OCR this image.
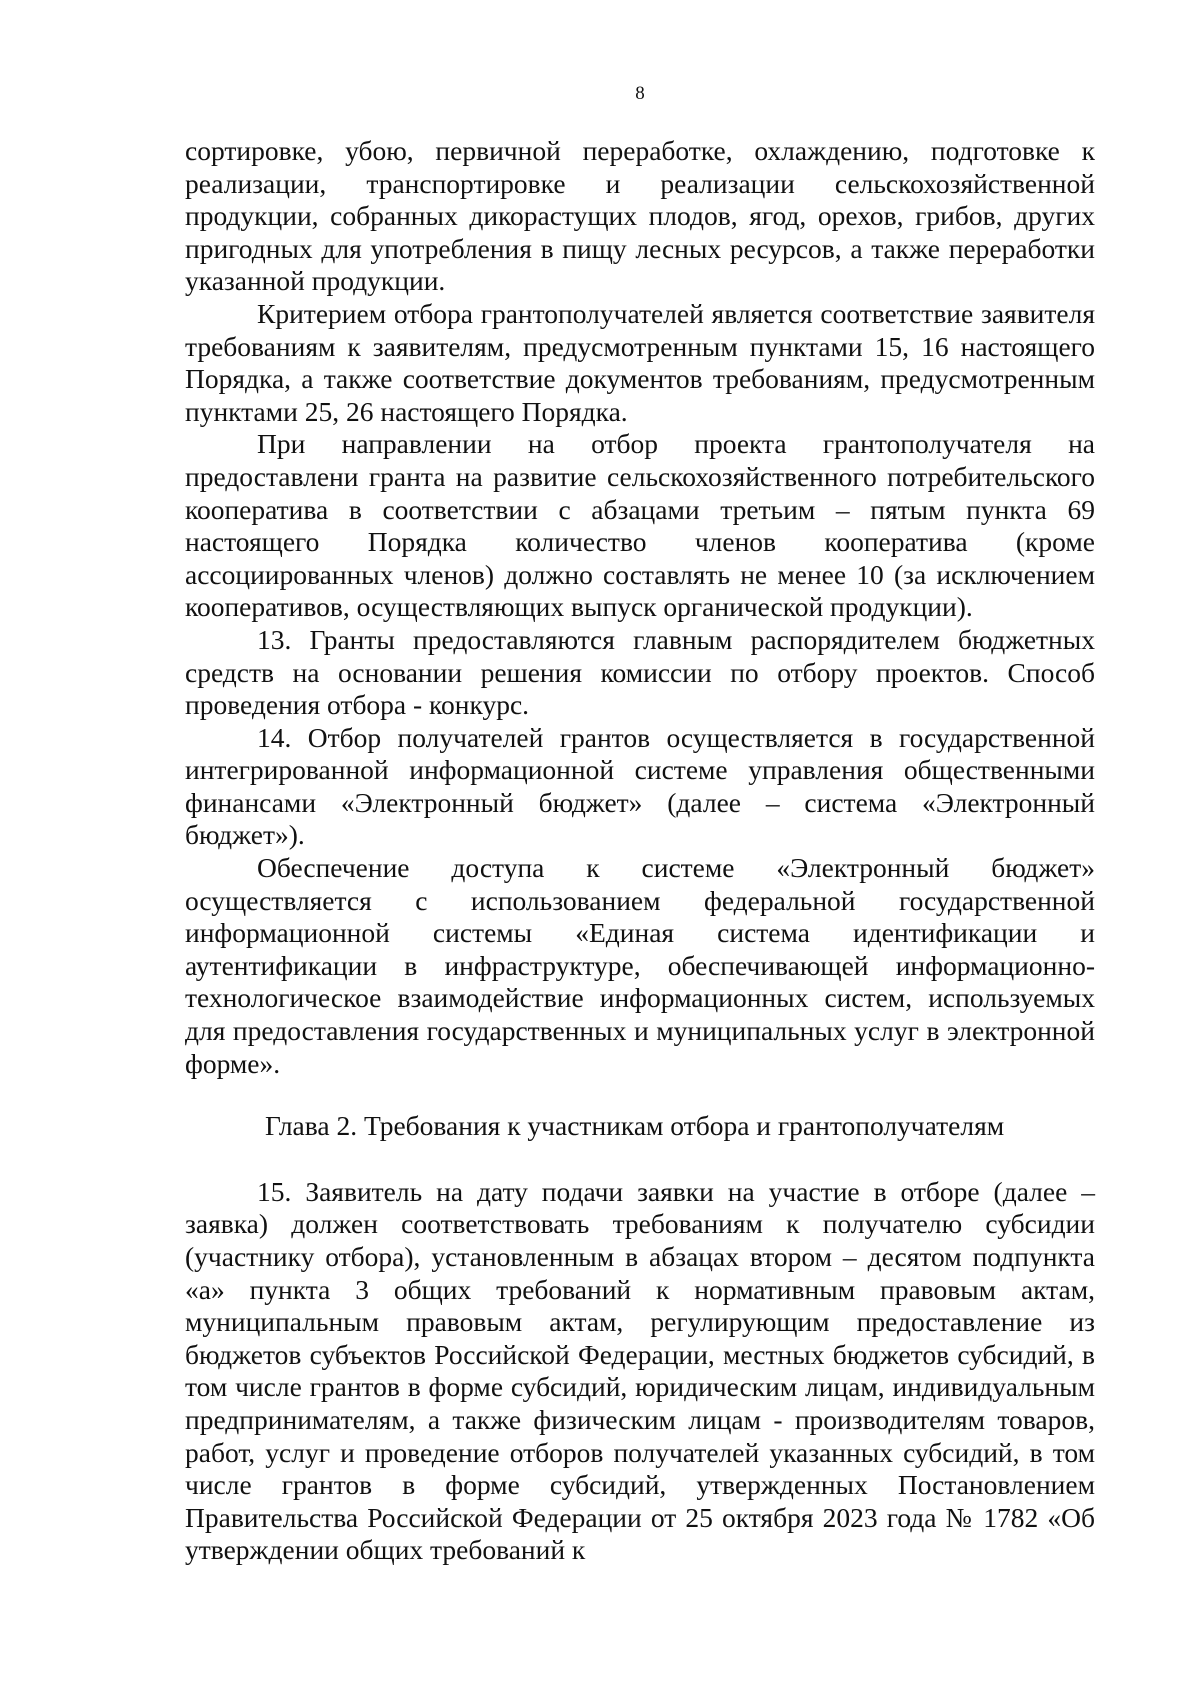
8

сортировке, убою, первичной переработке, охлаждению, подготовке к реализации, транспортировке и реализации сельскохозяйственной продукции, собранных дикорастущих плодов, ягод, орехов, грибов, других пригодных для употребления в пищу лесных ресурсов, а также переработки указанной продукции.

Критерием отбора грантополучателей является соответствие заявителя требованиям к заявителям, предусмотренным пунктами 15, 16 настоящего Порядка, а также соответствие документов требованиям, предусмотренным пунктами 25, 26 настоящего Порядка.

При направлении на отбор проекта грантополучателя на предоставлени гранта на развитие сельскохозяйственного потребительского кооператива в соответствии с абзацами третьим – пятым пункта 69 настоящего Порядка количество членов кооператива (кроме ассоциированных членов) должно составлять не менее 10 (за исключением кооперативов, осуществляющих выпуск органической продукции).

13. Гранты предоставляются главным распорядителем бюджетных средств на основании решения комиссии по отбору проектов. Способ проведения отбора - конкурс.

14. Отбор получателей грантов осуществляется в государственной интегрированной информационной системе управления общественными финансами «Электронный бюджет» (далее – система «Электронный бюджет»).

Обеспечение доступа к системе «Электронный бюджет» осуществляется с использованием федеральной государственной информационной системы «Единая система идентификации и аутентификации в инфраструктуре, обеспечивающей информационно-технологическое взаимодействие информационных систем, используемых для предоставления государственных и муниципальных услуг в электронной форме».

Глава 2. Требования к участникам отбора и грантополучателям

15. Заявитель на дату подачи заявки на участие в отборе (далее – заявка) должен соответствовать требованиям к получателю субсидии (участнику отбора), установленным в абзацах втором – десятом подпункта «а» пункта 3 общих требований к нормативным правовым актам, муниципальным правовым актам, регулирующим предоставление из бюджетов субъектов Российской Федерации, местных бюджетов субсидий, в том числе грантов в форме субсидий, юридическим лицам, индивидуальным предпринимателям, а также физическим лицам - производителям товаров, работ, услуг и проведение отборов получателей указанных субсидий, в том числе грантов в форме субсидий, утвержденных Постановлением Правительства Российской Федерации от 25 октября 2023 года № 1782 «Об утверждении общих требований к
